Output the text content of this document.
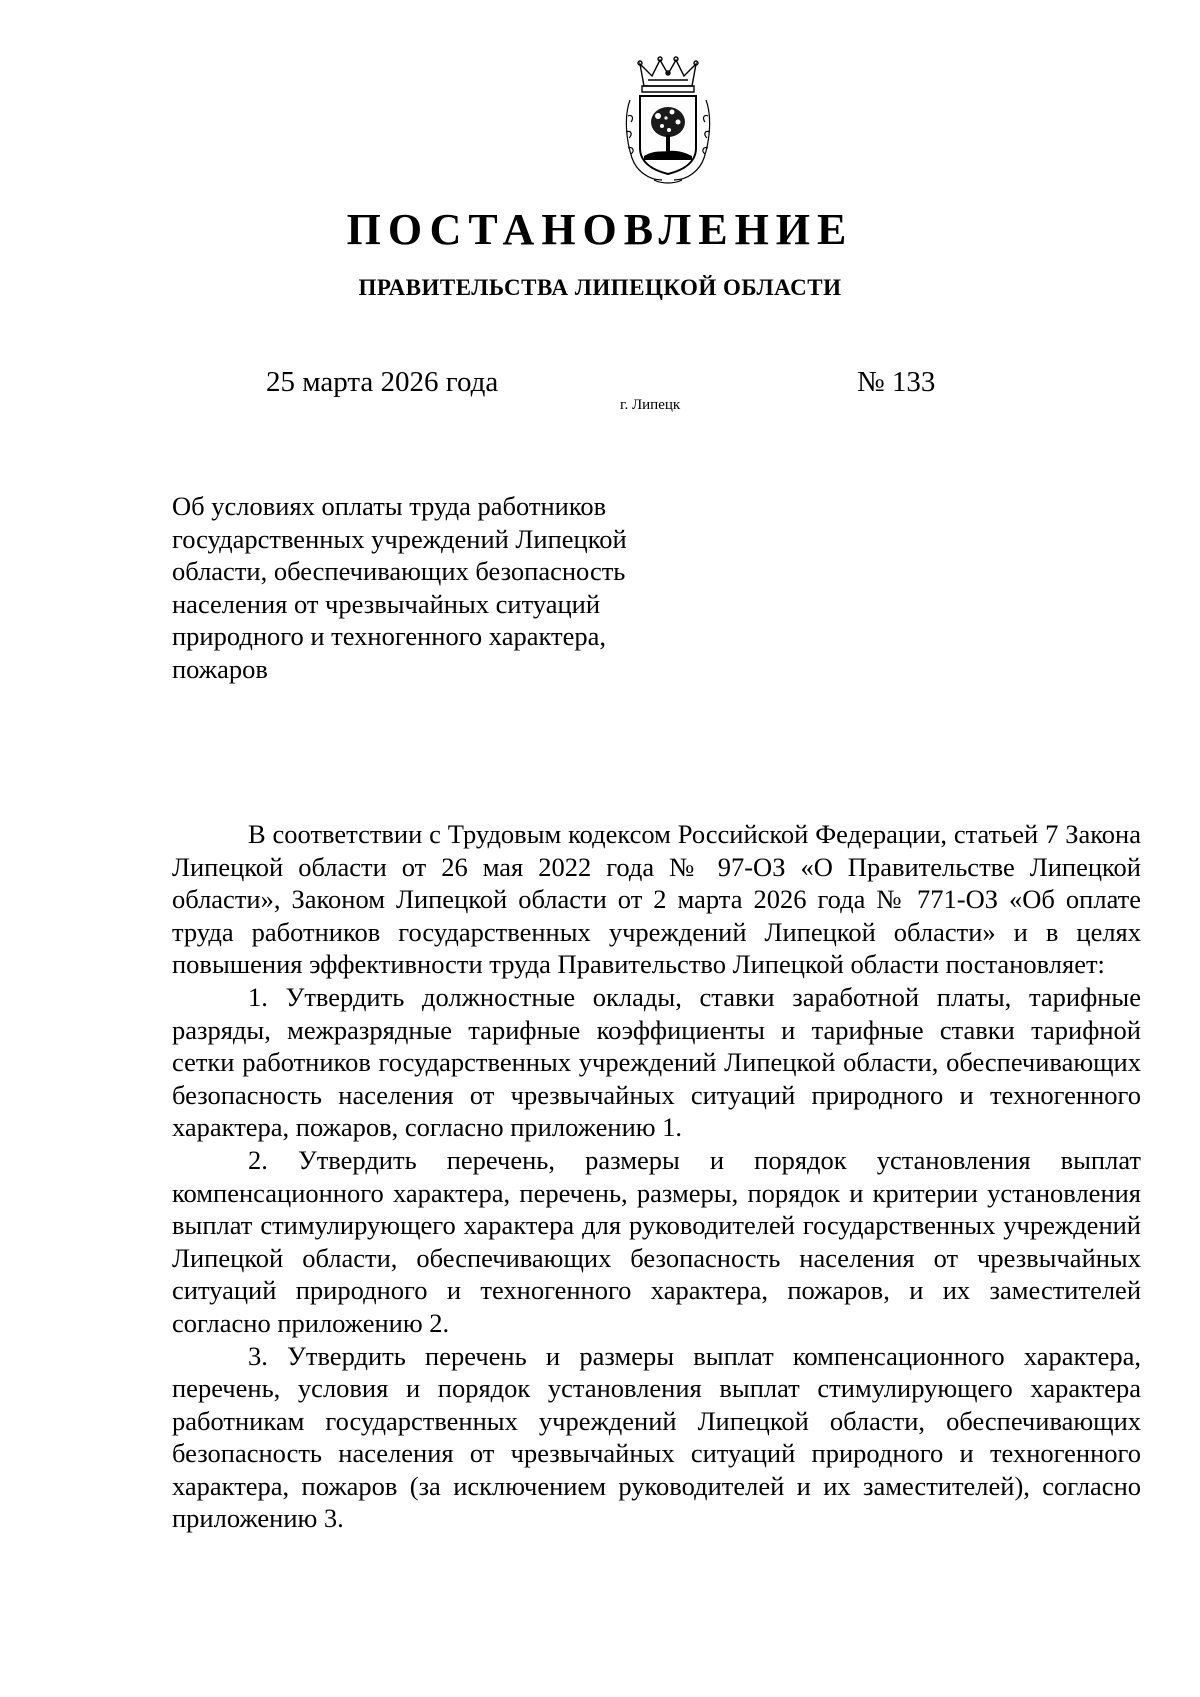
ПОСТАНОВЛЕНИЕ
ПРАВИТЕЛЬСТВА ЛИПЕЦКОЙ ОБЛАСТИ
25 марта 2026 года
г. Липецк
№ 133
Об условиях оплаты труда работников
государственных учреждений Липецкой
области, обеспечивающих безопасность
населения от чрезвычайных ситуаций
природного и техногенного характера,
пожаров

В соответствии с Трудовым кодексом Российской Федерации, статьей 7 Закона Липецкой области от 26 мая 2022 года № 97-ОЗ «О Правительстве Липецкой области», Законом Липецкой области от 2 марта 2026 года № 771-ОЗ «Об оплате труда работников государственных учреждений Липецкой области» и в целях повышения эффективности труда Правительство Липецкой области постановляет:

1. Утвердить должностные оклады, ставки заработной платы, тарифные разряды, межразрядные тарифные коэффициенты и тарифные ставки тарифной сетки работников государственных учреждений Липецкой области, обеспечивающих безопасность населения от чрезвычайных ситуаций природного и техногенного характера, пожаров, согласно приложению 1.

2. Утвердить перечень, размеры и порядок установления выплат компенсационного характера, перечень, размеры, порядок и критерии установления выплат стимулирующего характера для руководителей государственных учреждений Липецкой области, обеспечивающих безопасность населения от чрезвычайных ситуаций природного и техногенного характера, пожаров, и их заместителей согласно приложению 2.

3. Утвердить перечень и размеры выплат компенсационного характера, перечень, условия и порядок установления выплат стимулирующего характера работникам государственных учреждений Липецкой области, обеспечивающих безопасность населения от чрезвычайных ситуаций природного и техногенного характера, пожаров (за исключением руководителей и их заместителей), согласно приложению 3.
